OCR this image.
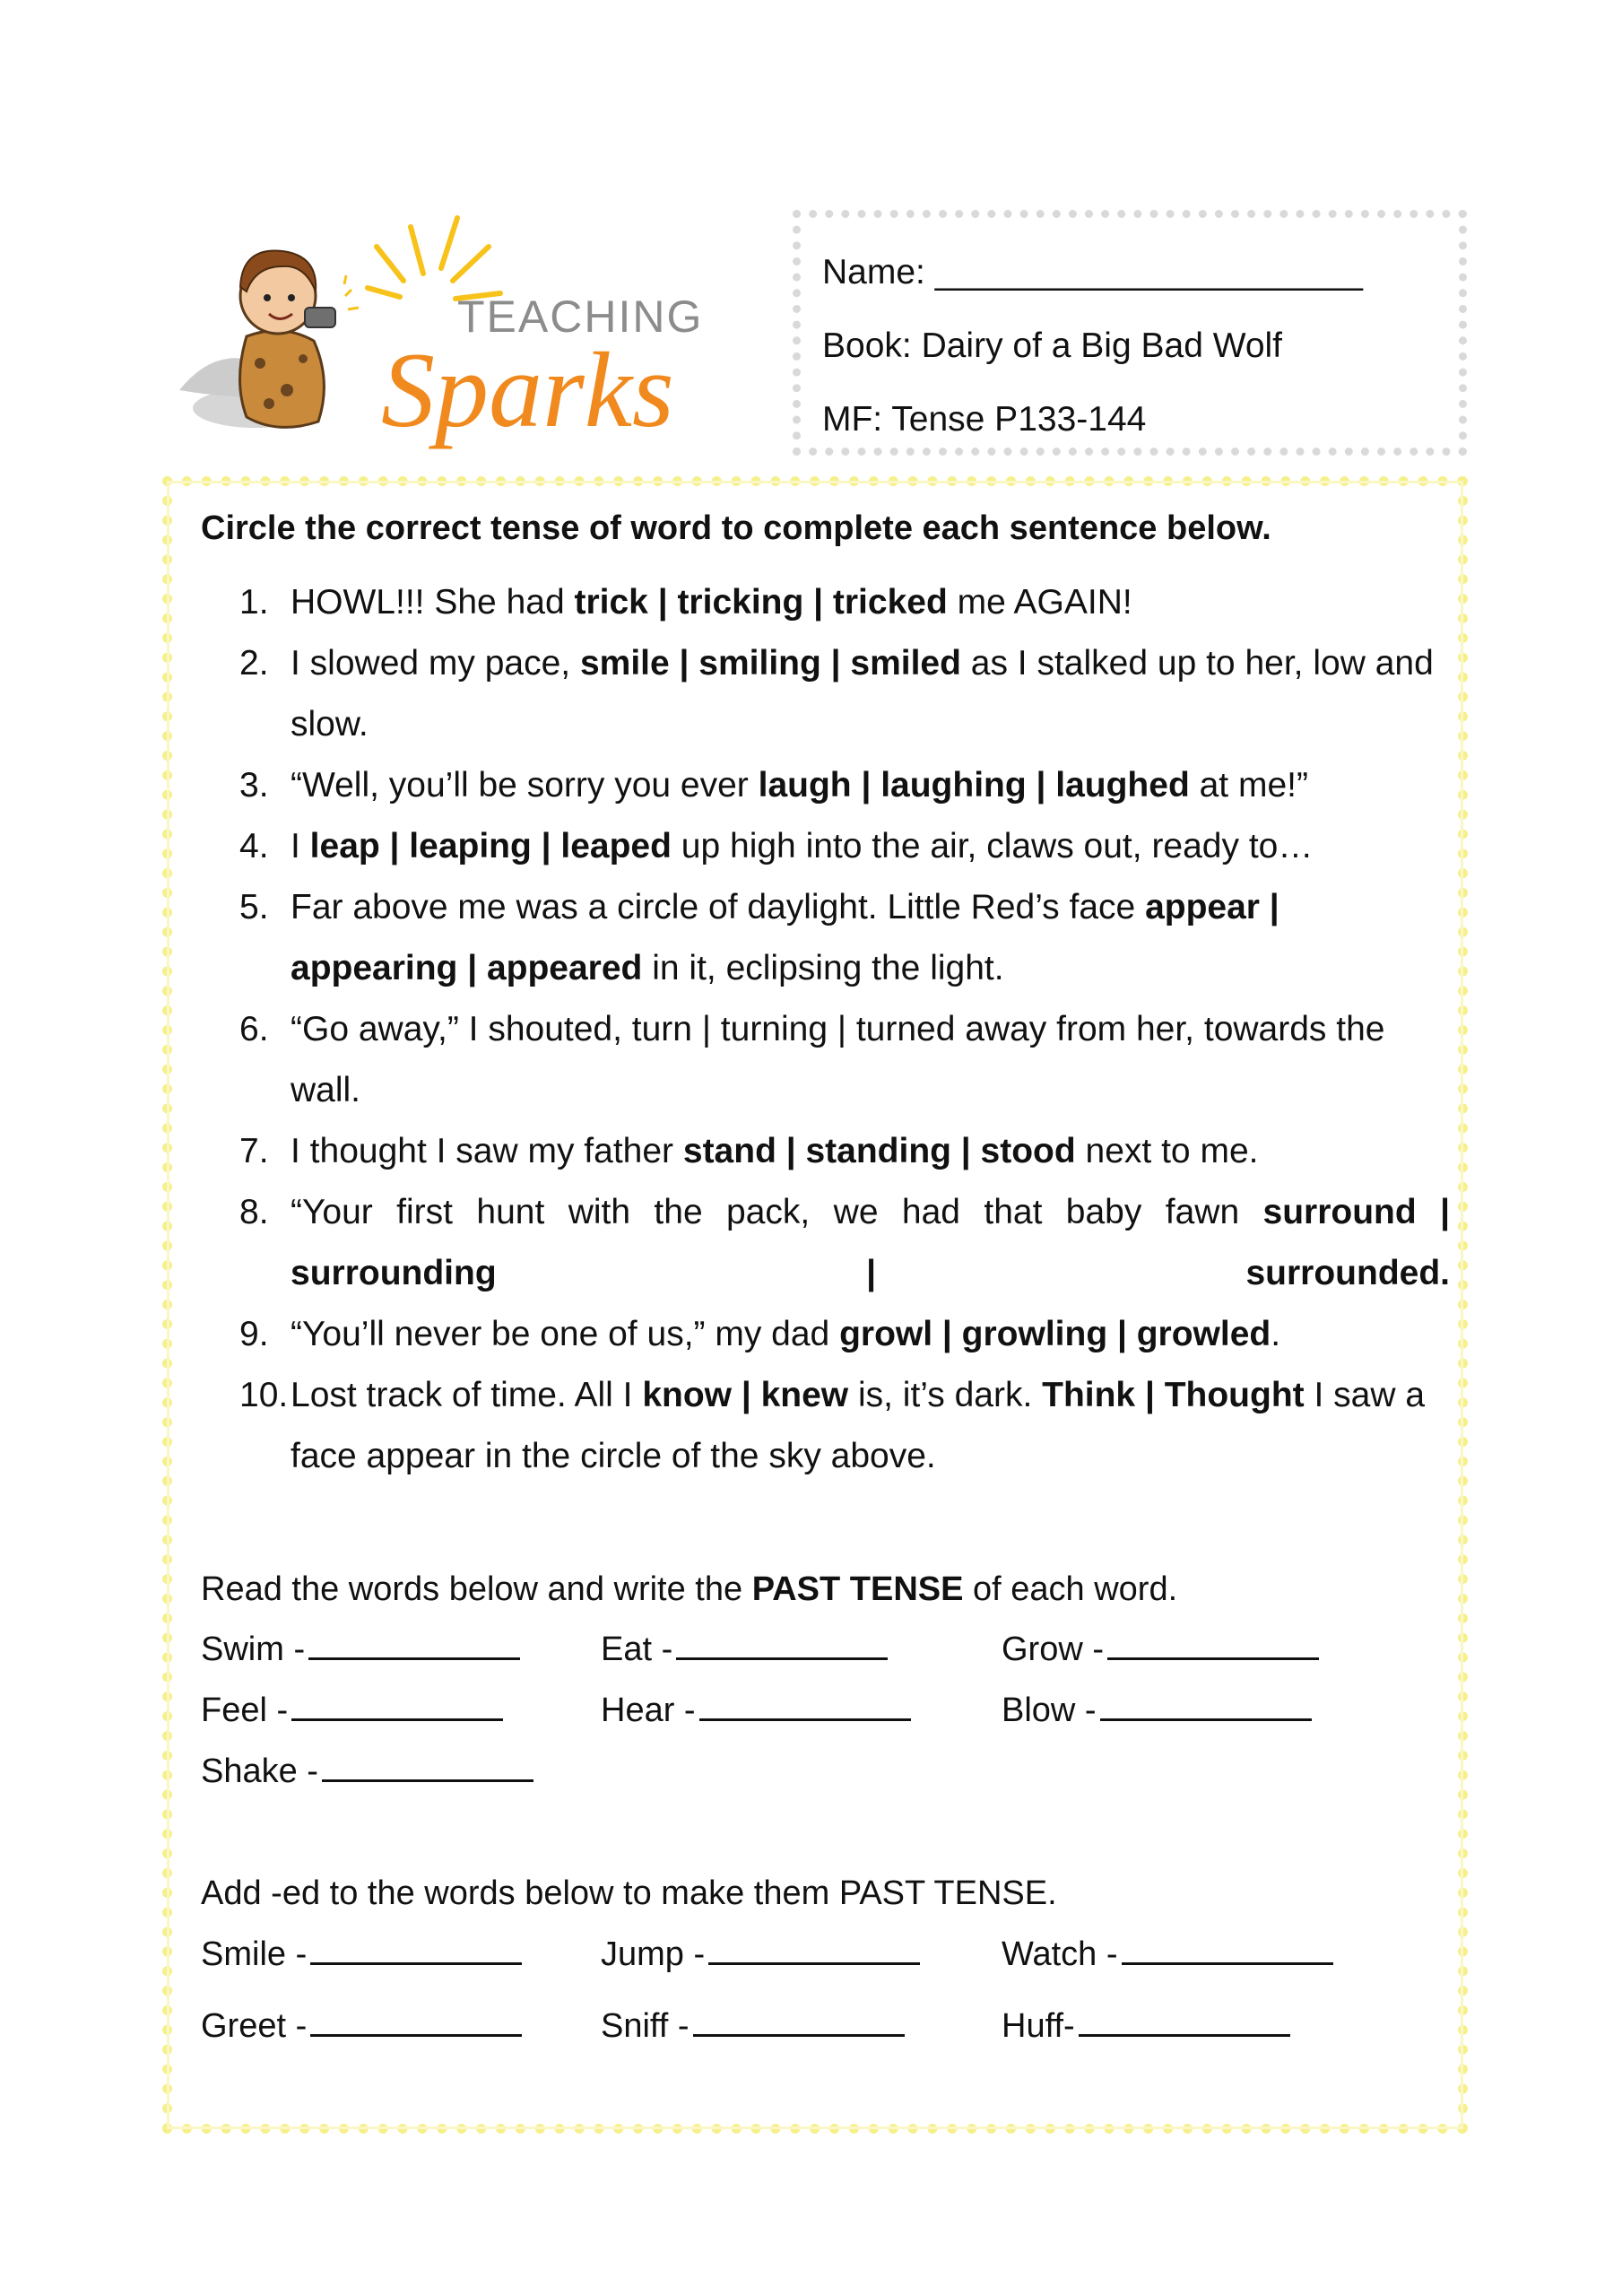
TEACHING
Sparks
Name: ______________________
Book: Dairy of a Big Bad Wolf
MF: Tense P133-144
Circle the correct tense of word to complete each sentence below.
1. HOWL!!! She had trick | tricking | tricked me AGAIN!
2. I slowed my pace, smile | smiling | smiled as I stalked up to her, low and slow.
3. “Well, you’ll be sorry you ever laugh | laughing | laughed at me!”
4. I leap | leaping | leaped up high into the air, claws out, ready to…
5. Far above me was a circle of daylight. Little Red’s face appear | appearing | appeared in it, eclipsing the light.
6. “Go away,” I shouted, turn | turning | turned away from her, towards the wall.
7. I thought I saw my father stand | standing | stood next to me.
8. “Your first hunt with the pack, we had that baby fawn surround | surrounding | surrounded.
9. “You’ll never be one of us,” my dad growl | growling | growled.
10. Lost track of time. All I know | knew is, it’s dark. Think | Thought I saw a face appear in the circle of the sky above.
Read the words below and write the PAST TENSE of each word.
Swim -	Eat -	Grow -
Feel -	Hear -	Blow -
Shake -
Add -ed to the words below to make them PAST TENSE.
Smile -	Jump -	Watch -
Greet -	Sniff -	Huff-
